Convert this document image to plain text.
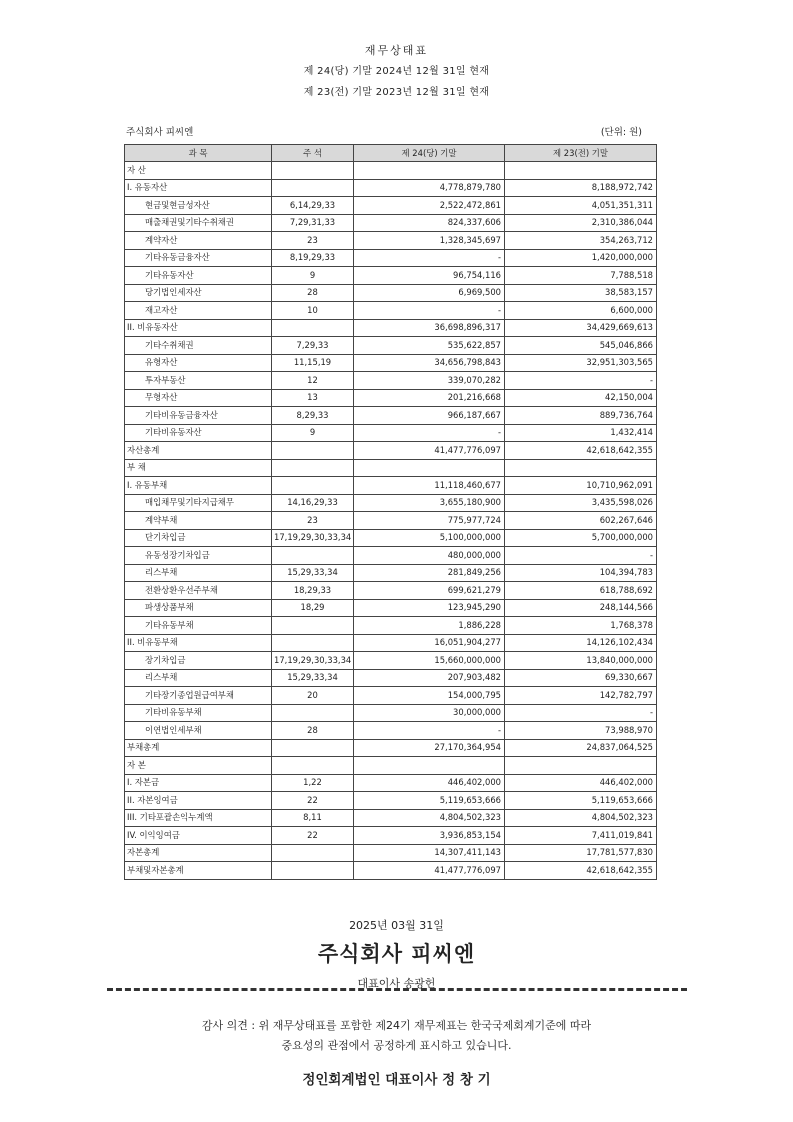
재무상태표
제 24(당) 기말 2024년 12월 31일 현재
제 23(전) 기말 2023년 12월 31일 현재
주식회사 피씨엔	(단위: 원)
과 목	주 석	제 24(당) 기말	제 23(전) 기말
자 산			
I. 유동자산		4,778,879,780	8,188,972,742
현금및현금성자산	6,14,29,33	2,522,472,861	4,051,351,311
매출채권및기타수취채권	7,29,31,33	824,337,606	2,310,386,044
계약자산	23	1,328,345,697	354,263,712
기타유동금융자산	8,19,29,33	-	1,420,000,000
기타유동자산	9	96,754,116	7,788,518
당기법인세자산	28	6,969,500	38,583,157
재고자산	10	-	6,600,000
II. 비유동자산		36,698,896,317	34,429,669,613
기타수취채권	7,29,33	535,622,857	545,046,866
유형자산	11,15,19	34,656,798,843	32,951,303,565
투자부동산	12	339,070,282	-
무형자산	13	201,216,668	42,150,004
기타비유동금융자산	8,29,33	966,187,667	889,736,764
기타비유동자산	9	-	1,432,414
자산총계		41,477,776,097	42,618,642,355
부 채			
I. 유동부채		11,118,460,677	10,710,962,091
매입채무및기타지급채무	14,16,29,33	3,655,180,900	3,435,598,026
계약부채	23	775,977,724	602,267,646
단기차입금	17,19,29,30,33,34	5,100,000,000	5,700,000,000
유동성장기차입금		480,000,000	-
리스부채	15,29,33,34	281,849,256	104,394,783
전환상환우선주부채	18,29,33	699,621,279	618,788,692
파생상품부채	18,29	123,945,290	248,144,566
기타유동부채		1,886,228	1,768,378
II. 비유동부채		16,051,904,277	14,126,102,434
장기차입금	17,19,29,30,33,34	15,660,000,000	13,840,000,000
리스부채	15,29,33,34	207,903,482	69,330,667
기타장기종업원급여부채	20	154,000,795	142,782,797
기타비유동부채		30,000,000	-
이연법인세부채	28	-	73,988,970
부채총계		27,170,364,954	24,837,064,525
자 본			
I. 자본금	1,22	446,402,000	446,402,000
II. 자본잉여금	22	5,119,653,666	5,119,653,666
III. 기타포괄손익누계액	8,11	4,804,502,323	4,804,502,323
IV. 이익잉여금	22	3,936,853,154	7,411,019,841
자본총계		14,307,411,143	17,781,577,830
부채및자본총계		41,477,776,097	42,618,642,355
2025년 03월 31일
주식회사 피씨엔
대표이사 송광헌
감사 의견 : 위 재무상태표를 포함한 제24기 재무제표는 한국국제회계기준에 따라
중요성의 관점에서 공정하게 표시하고 있습니다.
정인회계법인 대표이사 정 창 기
